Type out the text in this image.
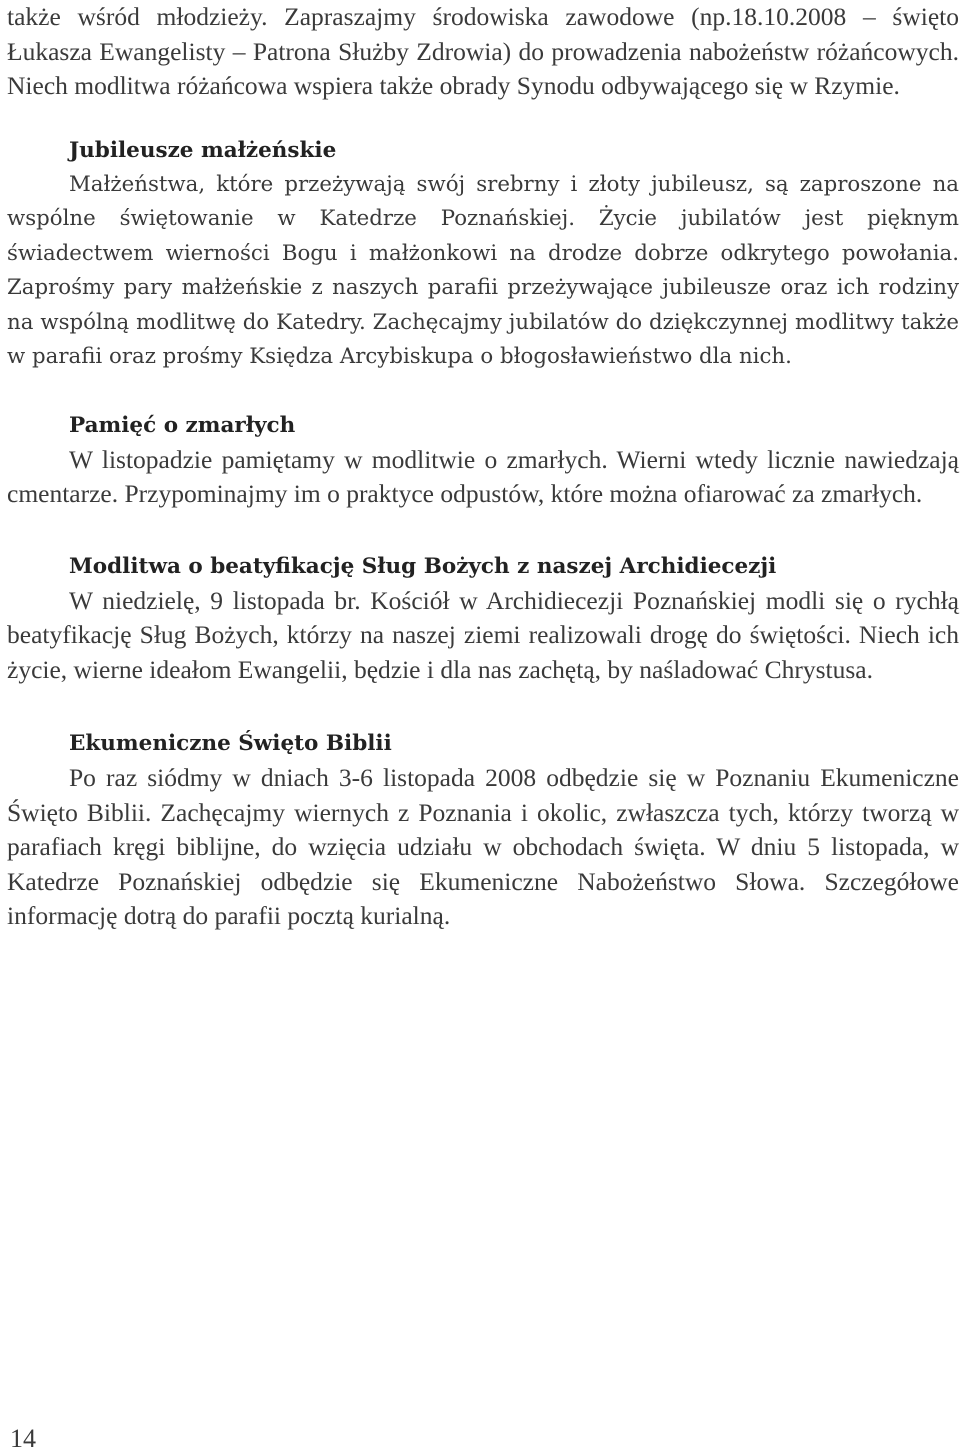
także wśród młodzieży. Zapraszajmy środowiska zawodowe (np.18.10.2008 – święto Łukasza Ewangelisty – Patrona Służby Zdrowia) do prowadzenia nabożeństw różańcowych. Niech modlitwa różańcowa wspiera także obrady Synodu odbywającego się w Rzymie.

Jubileusze małżeńskie

Małżeństwa, które przeżywają swój srebrny i złoty jubileusz, są zaproszone na wspólne świętowanie w Katedrze Poznańskiej. Życie jubilatów jest pięknym świadectwem wierności Bogu i małżonkowi na drodze dobrze odkrytego powołania. Zaprośmy pary małżeńskie z naszych parafii przeżywające jubileusze oraz ich rodziny na wspólną modlitwę do Katedry. Zachęcajmy jubilatów do dziękczynnej modlitwy także w parafii oraz prośmy Księdza Arcybiskupa o błogosławieństwo dla nich.

Pamięć o zmarłych

W listopadzie pamiętamy w modlitwie o zmarłych. Wierni wtedy licznie nawiedzają cmentarze. Przypominajmy im o praktyce odpustów, które można ofiarować za zmarłych.

Modlitwa o beatyfikację Sług Bożych z naszej Archidiecezji

W niedzielę, 9 listopada br. Kościół w Archidiecezji Poznańskiej modli się o rychłą beatyfikację Sług Bożych, którzy na naszej ziemi realizowali drogę do świętości. Niech ich życie, wierne ideałom Ewangelii, będzie i dla nas zachętą, by naśladować Chrystusa.

Ekumeniczne Święto Biblii

Po raz siódmy w dniach 3-6 listopada 2008 odbędzie się w Poznaniu Ekumeniczne Święto Biblii. Zachęcajmy wiernych z Poznania i okolic, zwłaszcza tych, którzy tworzą w parafiach kręgi biblijne, do wzięcia udziału w obchodach święta. W dniu 5 listopada, w Katedrze Poznańskiej odbędzie się Ekumeniczne Nabożeństwo Słowa. Szczegółowe informację dotrą do parafii pocztą kurialną.

14
